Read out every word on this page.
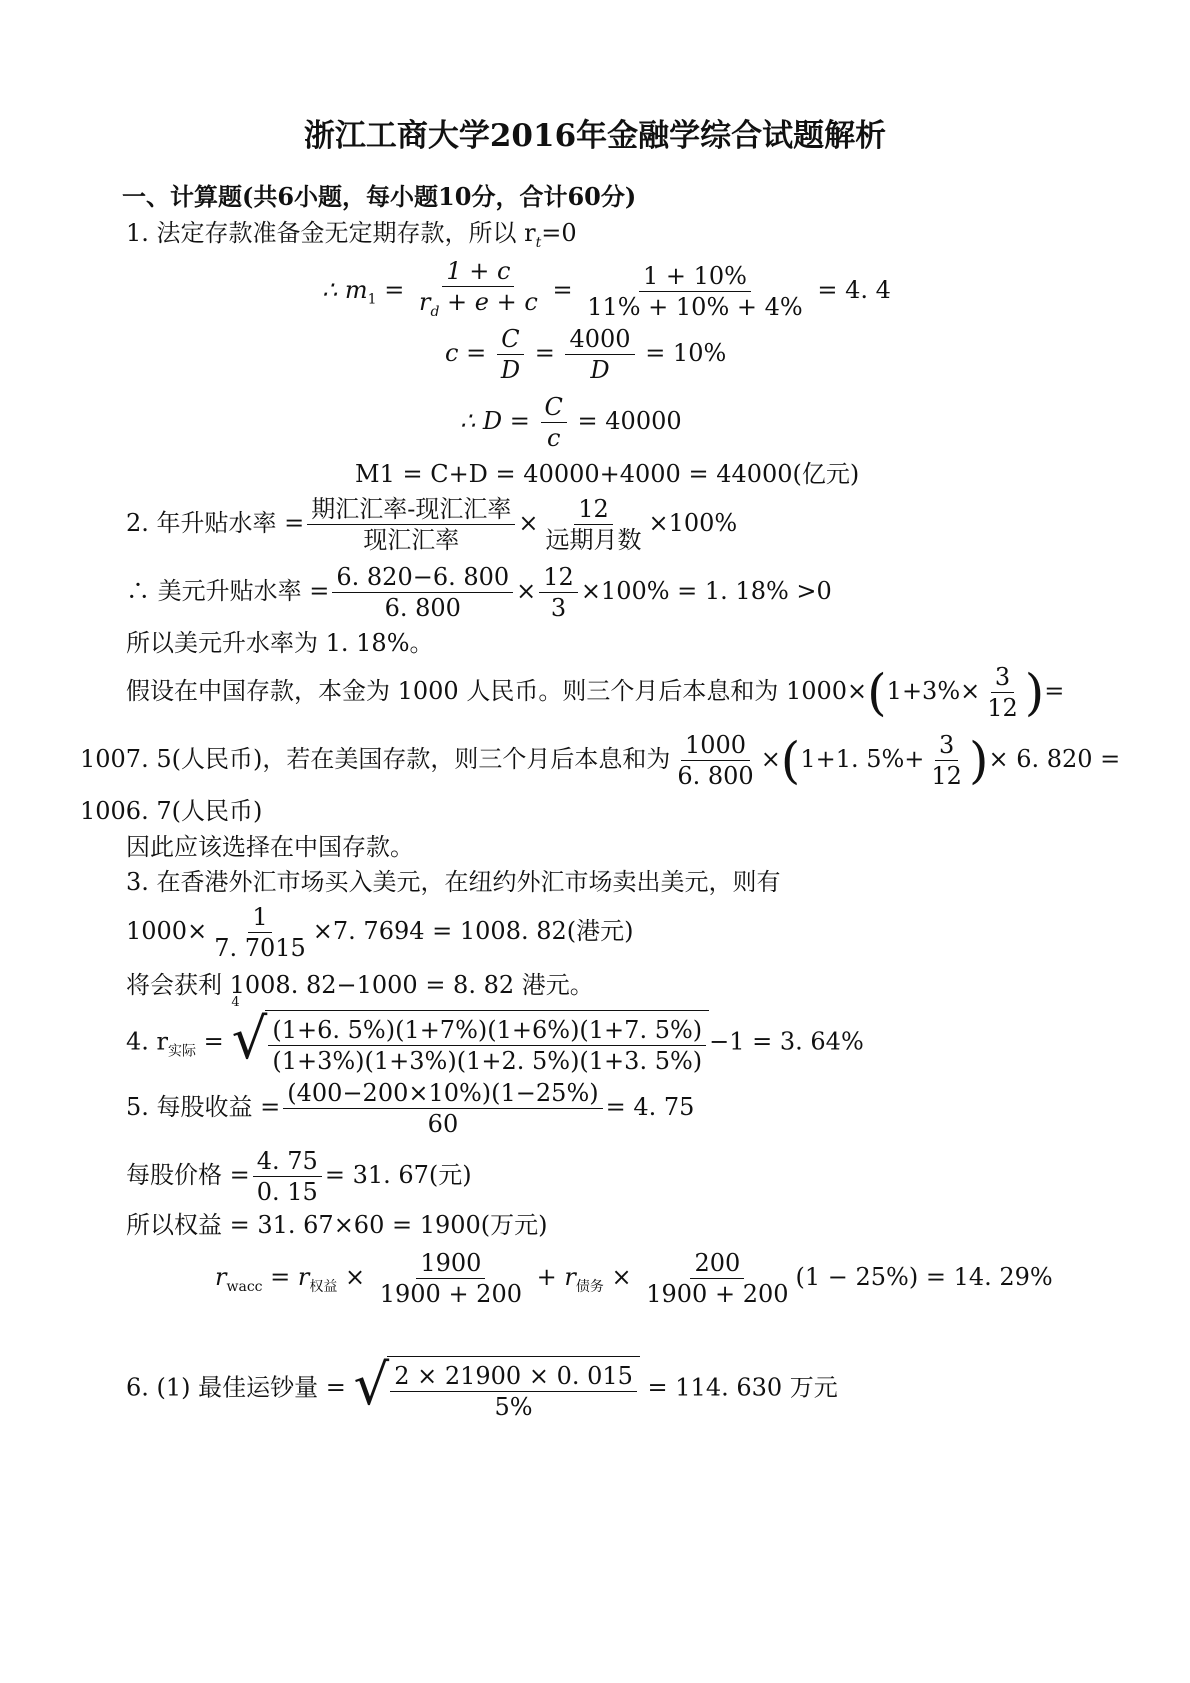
浙江工商大学2016年金融学综合试题解析
一、计算题(共6小题，每小题10分，合计60分)
1. 法定存款准备金无定期存款，所以 $r_t=0$
∴ $m_1 = \frac{1 + c}{r_d + e + c} = \frac{1 + 10\%}{11\% + 10\% + 4\%} = 4$. 4
$c = \frac{C}{D} = \frac{4000}{D} = 10\%$
∴ $D = \frac{C}{c} = 40000$
M1 = C+D = 40000+4000 = 44000(亿元)
2. 年升贴水率 = $\frac{\text{期汇汇率-现汇汇率}}{\text{现汇汇率}} \times \frac{12}{\text{远期月数}} \times 100\%$
∴ 美元升贴水率 = $\frac{6. 820-6. 800}{6. 800} \times \frac{12}{3} \times 100\% = 1$. 18% >0
所以美元升水率为 1. 18%。
假设在中国存款，本金为 1000 人民币。则三个月后本息和为 $1000\times(1+3\%\times \frac{3}{12}$ )=
1007. 5(人民币)，若在美国存款，则三个月后本息和为 $\frac{1000}{6. 800} \times(1+1$. $5\%+ \frac{3}{12}$ )× 6. 820 =
1006. 7(人民币)
因此应该选择在中国存款。
3. 在香港外汇市场买入美元，在纽约外汇市场卖出美元，则有
$1000\times \frac{1}{7. 7015} \times 7$. 7694 = 1008. 82(港元)
将会获利 1008. 82−1000 = 8. 82 港元。
4. $r_{实际}$ =
4
√ $\frac{(1+6. 5\%)(1+7\%)(1+6\%)(1+7. 5\%)}{(1+3\%)(1+3\%)(1+2. 5\%)(1+3. 5\%)} -1 = 3$. 64%
5. 每股收益 = $\frac{(400-200\times 10\%)(1-25\%)}{60} = 4$. 75
每股价格 = $\frac{4. 75}{0. 15} = 31$. 67(元)
所以权益 = 31. 67×60 = 1900(万元)
$r_{wacc} = r_{权益} \times \frac{1900}{1900 + 200} + r_{债务} \times \frac{200}{1900 + 200} (1 - 25\%) = 14$. 29%
6. (1) 最佳运钞量 = √ $\frac{2 \times 21900 \times 0. 015}{5\%} = 114$. 630 万元
